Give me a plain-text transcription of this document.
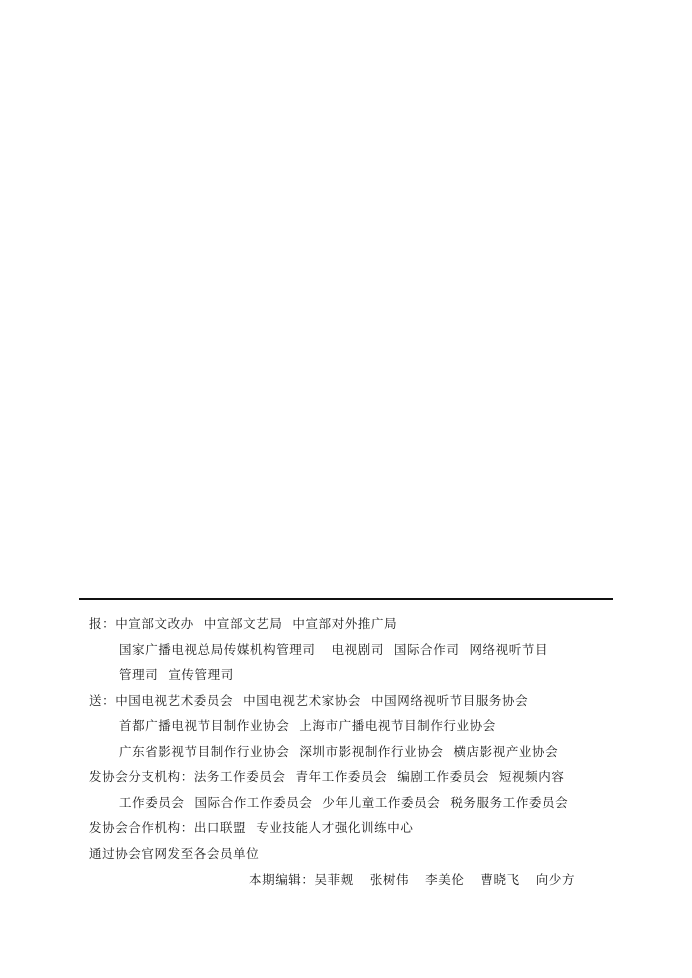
报：中宣部文改办 中宣部文艺局 中宣部对外推广局
国家广播电视总局传媒机构管理司 电视剧司 国际合作司 网络视听节目
管理司 宣传管理司
送：中国电视艺术委员会 中国电视艺术家协会 中国网络视听节目服务协会
首都广播电视节目制作业协会 上海市广播电视节目制作行业协会
广东省影视节目制作行业协会 深圳市影视制作行业协会 横店影视产业协会
发协会分支机构：法务工作委员会 青年工作委员会 编剧工作委员会 短视频内容
工作委员会 国际合作工作委员会 少年儿童工作委员会 税务服务工作委员会
发协会合作机构：出口联盟 专业技能人才强化训练中心
通过协会官网发至各会员单位
本期编辑：吴菲觌 张树伟 李美伦 曹晓飞 向少方
